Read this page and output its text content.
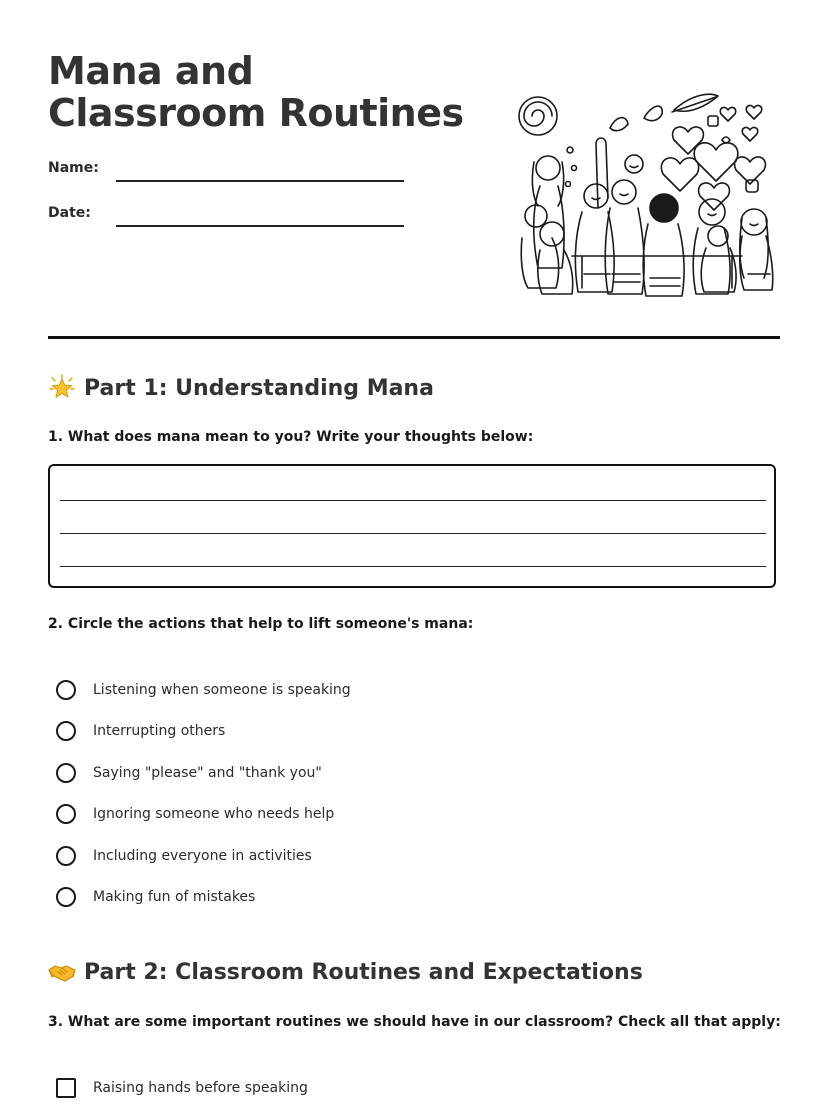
Mana and Classroom Routines
Name:
Date:
Part 1: Understanding Mana
1. What does mana mean to you? Write your thoughts below:
2. Circle the actions that help to lift someone's mana:
Listening when someone is speaking
Interrupting others
Saying "please" and "thank you"
Ignoring someone who needs help
Including everyone in activities
Making fun of mistakes
Part 2: Classroom Routines and Expectations
3. What are some important routines we should have in our classroom? Check all that apply:
Raising hands before speaking
